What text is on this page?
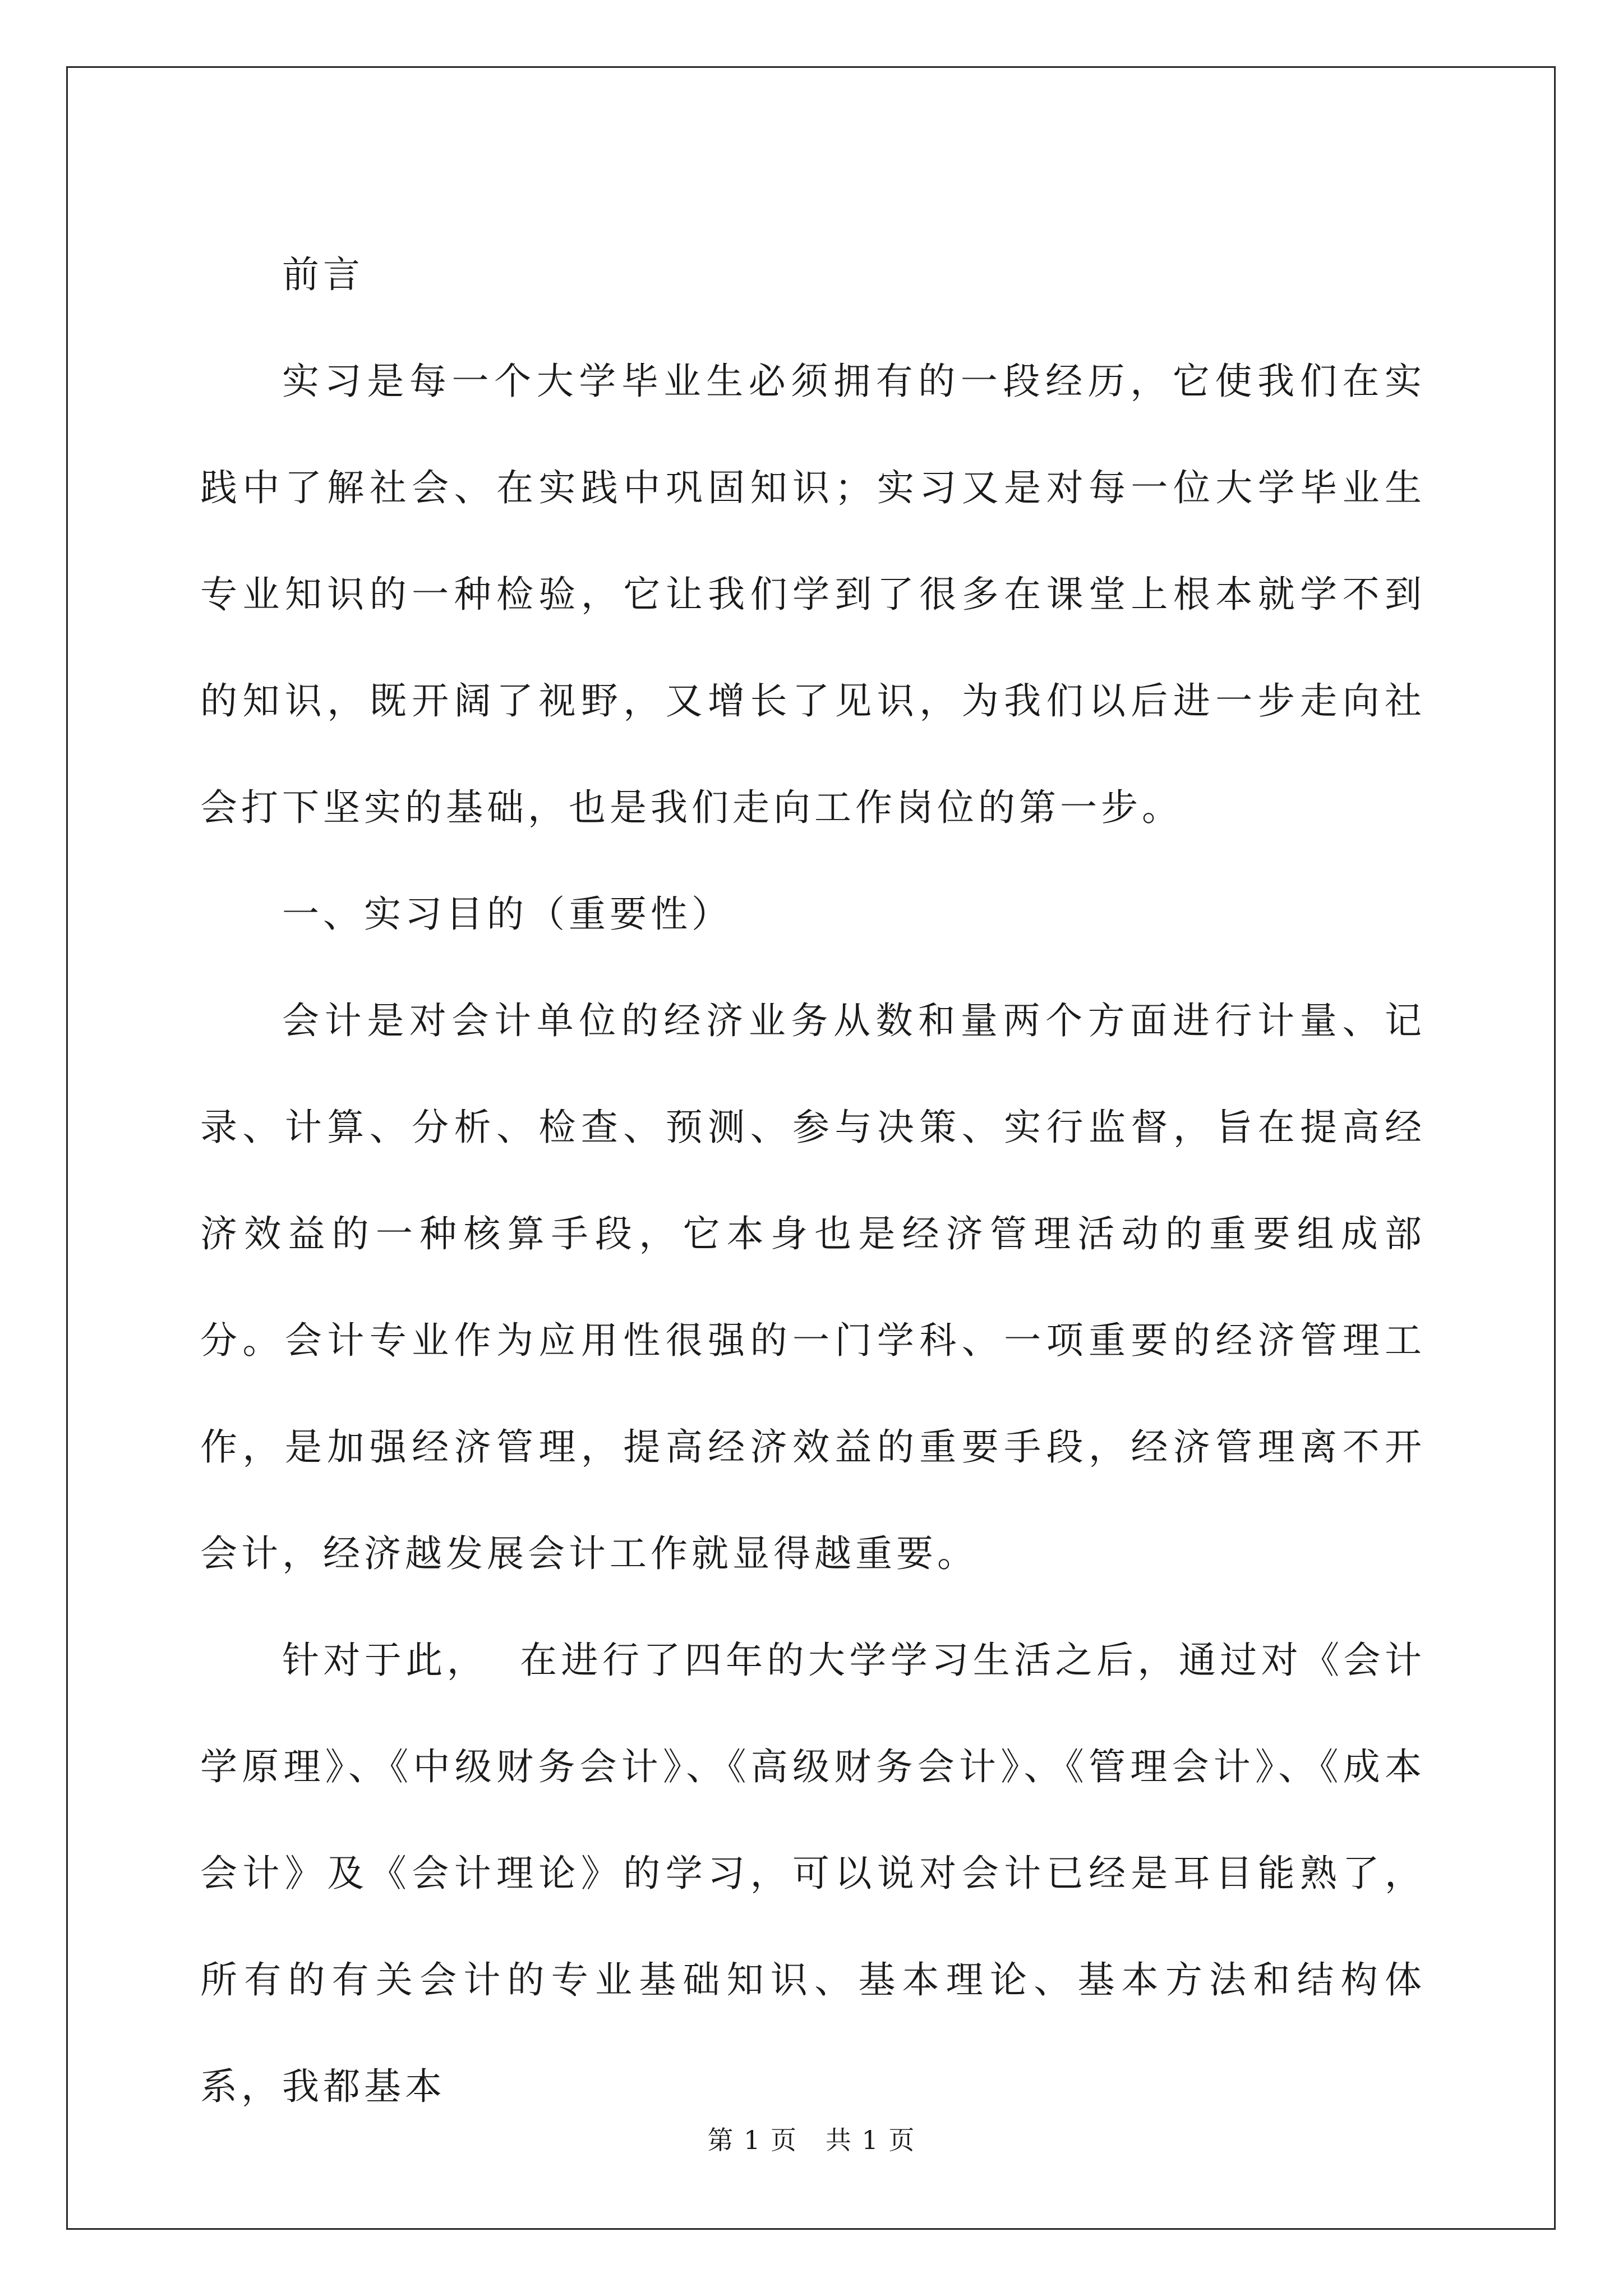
前言

实习是每一个大学毕业生必须拥有的一段经历，它使我们在实践中了解社会、在实践中巩固知识；实习又是对每一位大学毕业生专业知识的一种检验，它让我们学到了很多在课堂上根本就学不到的知识，既开阔了视野，又增长了见识，为我们以后进一步走向社会打下坚实的基础，也是我们走向工作岗位的第一步。

一、实习目的（重要性）

会计是对会计单位的经济业务从数和量两个方面进行计量、记录、计算、分析、检查、预测、参与决策、实行监督，旨在提高经济效益的一种核算手段，它本身也是经济管理活动的重要组成部分。会计专业作为应用性很强的一门学科、一项重要的经济管理工作，是加强经济管理，提高经济效益的重要手段，经济管理离不开会计，经济越发展会计工作就显得越重要。

针对于此，  在进行了四年的大学学习生活之后，通过对《会计学原理》、《中级财务会计》、《高级财务会计》、《管理会计》、《成本会计》及《会计理论》的学习，可以说对会计已经是耳目能熟了，所有的有关会计的专业基础知识、基本理论、基本方法和结构体系，我都基本

第 1 页   共 1 页
